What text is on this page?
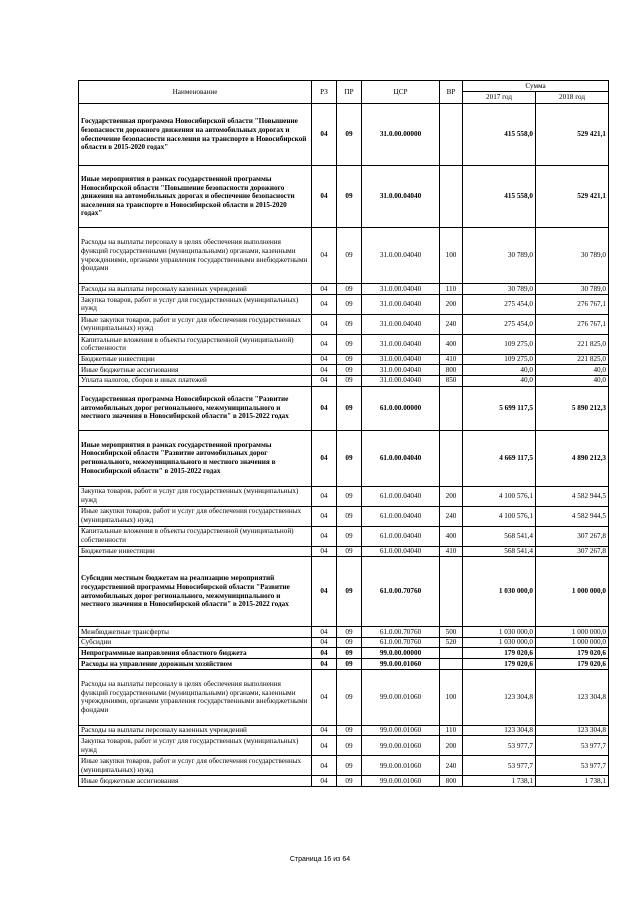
Наименование	РЗ	ПР	ЦСР	ВР	Сумма	
					2017 год	2018 год
Государственная программа Новосибирской области "Повышение безопасности дорожного движения на автомобильных дорогах и обеспечение безопасности населения на транспорте в Новосибирской области в 2015-2020 годах"	04	09	31.0.00.00000		415 558,0	529 421,1
Иные мероприятия в рамках государственной программы Новосибирской области "Повышение безопасности дорожного движения на автомобильных дорогах и обеспечение безопасности населения на транспорте в Новосибирской области в 2015-2020 годах"	04	09	31.0.00.04040		415 558,0	529 421,1
Расходы на выплаты персоналу в целях обеспечения выполнения функций государственными (муниципальными) органами, казенными учреждениями, органами управления государственными внебюджетными фондами	04	09	31.0.00.04040	100	30 789,0	30 789,0
Расходы на выплаты персоналу казенных учреждений	04	09	31.0.00.04040	110	30 789,0	30 789,0
Закупка товаров, работ и услуг для государственных (муниципальных) нужд	04	09	31.0.00.04040	200	275 454,0	276 767,1
Иные закупки товаров, работ и услуг для обеспечения государственных (муниципальных) нужд	04	09	31.0.00.04040	240	275 454,0	276 767,1
Капитальные вложения в объекты государственной (муниципальной) собственности	04	09	31.0.00.04040	400	109 275,0	221 825,0
Бюджетные инвестиции	04	09	31.0.00.04040	410	109 275,0	221 825,0
Иные бюджетные ассигнования	04	09	31.0.00.04040	800	40,0	40,0
Уплата налогов, сборов и иных платежей	04	09	31.0.00.04040	850	40,0	40,0
Государственная программа Новосибирской области "Развитие автомобильных дорог регионального, межмуниципального и местного значения в Новосибирской области" в 2015-2022 годах	04	09	61.0.00.00000		5 699 117,5	5 890 212,3
Иные мероприятия в рамках государственной программы Новосибирской области "Развитие автомобильных дорог регионального, межмуниципального и местного значения в Новосибирской области" в 2015-2022 годах	04	09	61.0.00.04040		4 669 117,5	4 890 212,3
Закупка товаров, работ и услуг для государственных (муниципальных) нужд	04	09	61.0.00.04040	200	4 100 576,1	4 582 944,5
Иные закупки товаров, работ и услуг для обеспечения государственных (муниципальных) нужд	04	09	61.0.00.04040	240	4 100 576,1	4 582 944,5
Капитальные вложения в объекты государственной (муниципальной) собственности	04	09	61.0.00.04040	400	568 541,4	307 267,8
Бюджетные инвестиции	04	09	61.0.00.04040	410	568 541,4	307 267,8
Субсидии местным бюджетам на реализацию мероприятий государственной программы Новосибирской области "Развитие автомобильных дорог регионального, межмуниципального и местного значения в Новосибирской области" в 2015-2022 годах	04	09	61.0.00.70760		1 030 000,0	1 000 000,0
Межбюджетные трансферты	04	09	61.0.00.70760	500	1 030 000,0	1 000 000,0
Субсидии	04	09	61.0.00.70760	520	1 030 000,0	1 000 000,0
Непрограммные направления областного бюджета	04	09	99.0.00.00000		179 020,6	179 020,6
Расходы на управление дорожным хозяйством	04	09	99.0.00.01060		179 020,6	179 020,6
Расходы на выплаты персоналу в целях обеспечения выполнения функций государственными (муниципальными) органами, казенными учреждениями, органами управления государственными внебюджетными фондами	04	09	99.0.00.01060	100	123 304,8	123 304,8
Расходы на выплаты персоналу казенных учреждений	04	09	99.0.00.01060	110	123 304,8	123 304,8
Закупка товаров, работ и услуг для государственных (муниципальных) нужд	04	09	99.0.00.01060	200	53 977,7	53 977,7
Иные закупки товаров, работ и услуг для обеспечения государственных (муниципальных) нужд	04	09	99.0.00.01060	240	53 977,7	53 977,7
Иные бюджетные ассигнования	04	09	99.0.00.01060	800	1 738,1	1 738,1
Страница 16 из 64
